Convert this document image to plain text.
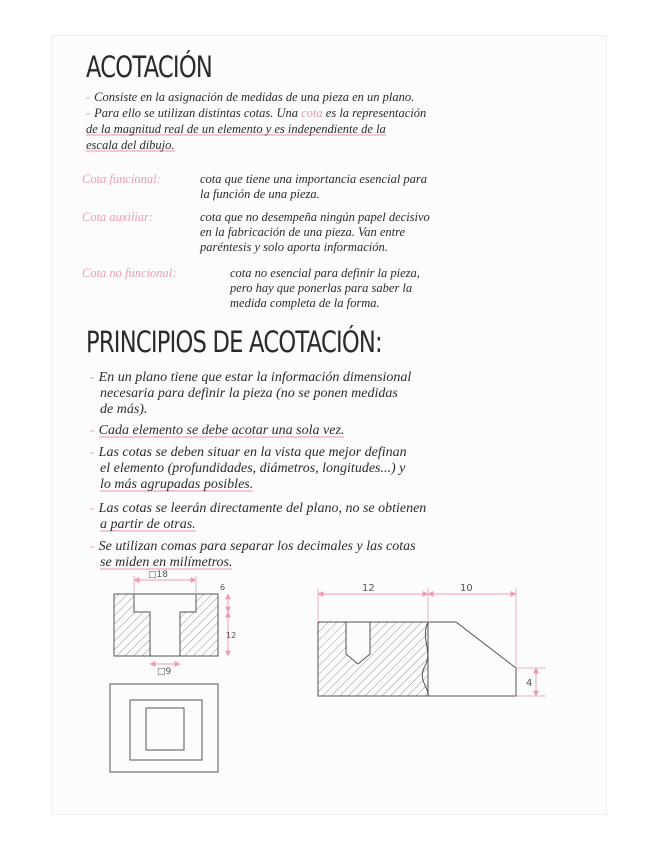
ACOTACIÓN
- Consiste en la asignación de medidas de una pieza en un plano.
- Para ello se utilizan distintas cotas. Una cota es la representación
de la magnitud real de un elemento y es independiente de la
escala del dibujo.
Cota funcional:	cota que tiene una importancia esencial para
la función de una pieza.
Cota auxiliar:	cota que no desempeña ningún papel decisivo
en la fabricación de una pieza. Van entre
paréntesis y solo aporta información.
Cota no funcional:	cota no esencial para definir la pieza,
pero hay que ponerlas para saber la
medida completa de la forma.
PRINCIPIOS DE ACOTACIÓN:
- En un plano tiene que estar la información dimensional
necesaria para definir la pieza (no se ponen medidas
de más).
- Cada elemento se debe acotar una sola vez.
- Las cotas se deben situar en la vista que mejor definan
el elemento (profundidades, diámetros, longitudes...) y
lo más agrupadas posibles.
- Las cotas se leerán directamente del plano, no se obtienen
a partir de otras.
- Se utilizan comas para separar los decimales y las cotas
se miden en milímetros.
□18
6
12
□9
12	10
4
